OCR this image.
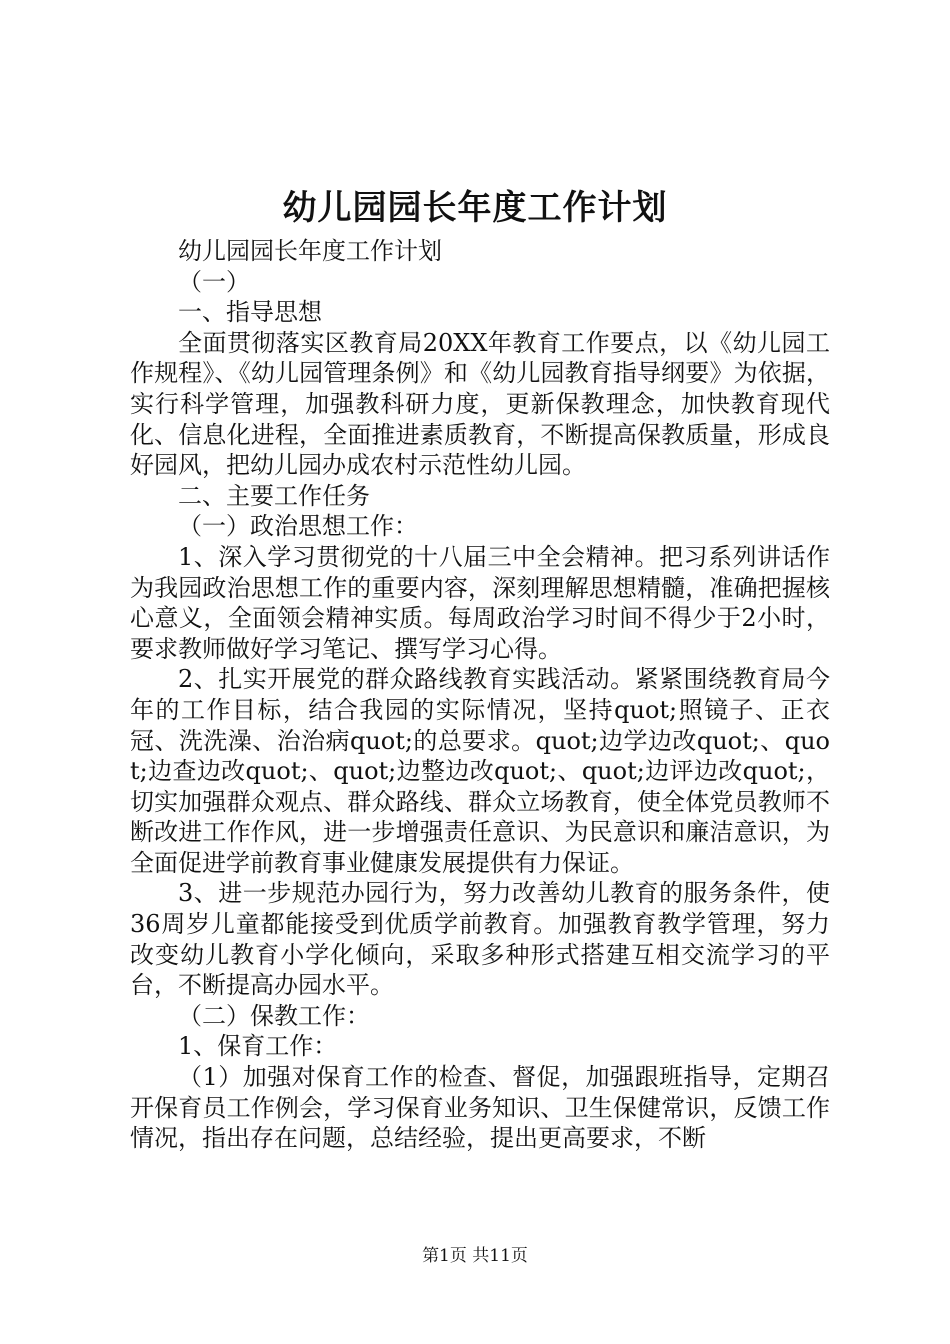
幼儿园园长年度工作计划

幼儿园园长年度工作计划

（一）

一、指导思想

全面贯彻落实区教育局20XX年教育工作要点，以《幼儿园工作规程》、《幼儿园管理条例》和《幼儿园教育指导纲要》为依据，实行科学管理，加强教科研力度，更新保教理念，加快教育现代化、信息化进程，全面推进素质教育，不断提高保教质量，形成良好园风，把幼儿园办成农村示范性幼儿园。

二、主要工作任务

（一）政治思想工作：

1、深入学习贯彻党的十八届三中全会精神。把习系列讲话作为我园政治思想工作的重要内容，深刻理解思想精髓，准确把握核心意义，全面领会精神实质。每周政治学习时间不得少于2小时，要求教师做好学习笔记、撰写学习心得。

2、扎实开展党的群众路线教育实践活动。紧紧围绕教育局今年的工作目标，结合我园的实际情况，坚持quot;照镜子、正衣冠、洗洗澡、治治病quot;的总要求。quot;边学边改quot;、quot;边查边改quot;、quot;边整边改quot;、quot;边评边改quot;，切实加强群众观点、群众路线、群众立场教育，使全体党员教师不断改进工作作风，进一步增强责任意识、为民意识和廉洁意识，为全面促进学前教育事业健康发展提供有力保证。

3、进一步规范办园行为，努力改善幼儿教育的服务条件，使36周岁儿童都能接受到优质学前教育。加强教育教学管理，努力改变幼儿教育小学化倾向，采取多种形式搭建互相交流学习的平台，不断提高办园水平。

（二）保教工作：

1、保育工作：

（1）加强对保育工作的检查、督促，加强跟班指导，定期召开保育员工作例会，学习保育业务知识、卫生保健常识，反馈工作情况，指出存在问题，总结经验，提出更高要求，不断

第1页 共11页
